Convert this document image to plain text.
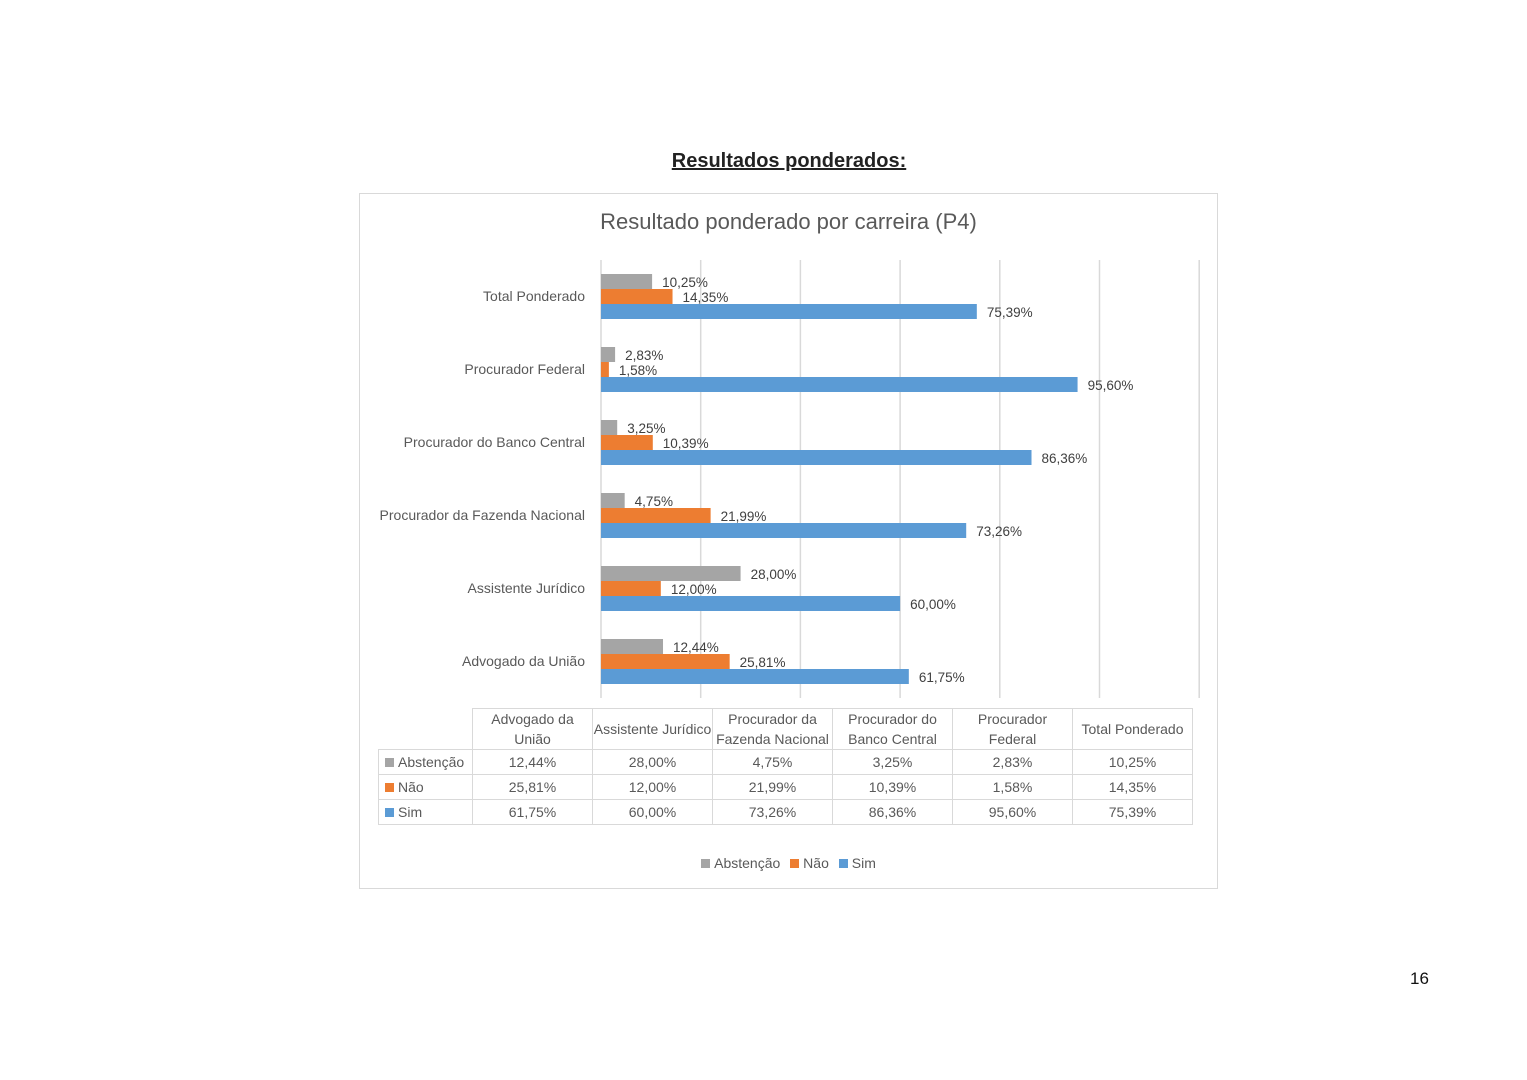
Resultados ponderados:
Resultado ponderado por carreira (P4)
Advogado da União
Assistente Jurídico
Procurador da Fazenda Nacional
Procurador do Banco Central
Procurador Federal
Total Ponderado
12,44%
25,81%
61,75%
28,00%
12,00%
60,00%
4,75%
21,99%
73,26%
3,25%
10,39%
86,36%
2,83%
1,58%
95,60%
10,25%
14,35%
75,39%
	Advogado da União	Assistente Jurídico	Procurador da Fazenda Nacional	Procurador do Banco Central	Procurador Federal	Total Ponderado
Abstenção	12,44%	28,00%	4,75%	3,25%	2,83%	10,25%
Não	25,81%	12,00%	21,99%	10,39%	1,58%	14,35%
Sim	61,75%	60,00%	73,26%	86,36%	95,60%	75,39%
Abstenção Não Sim
16
